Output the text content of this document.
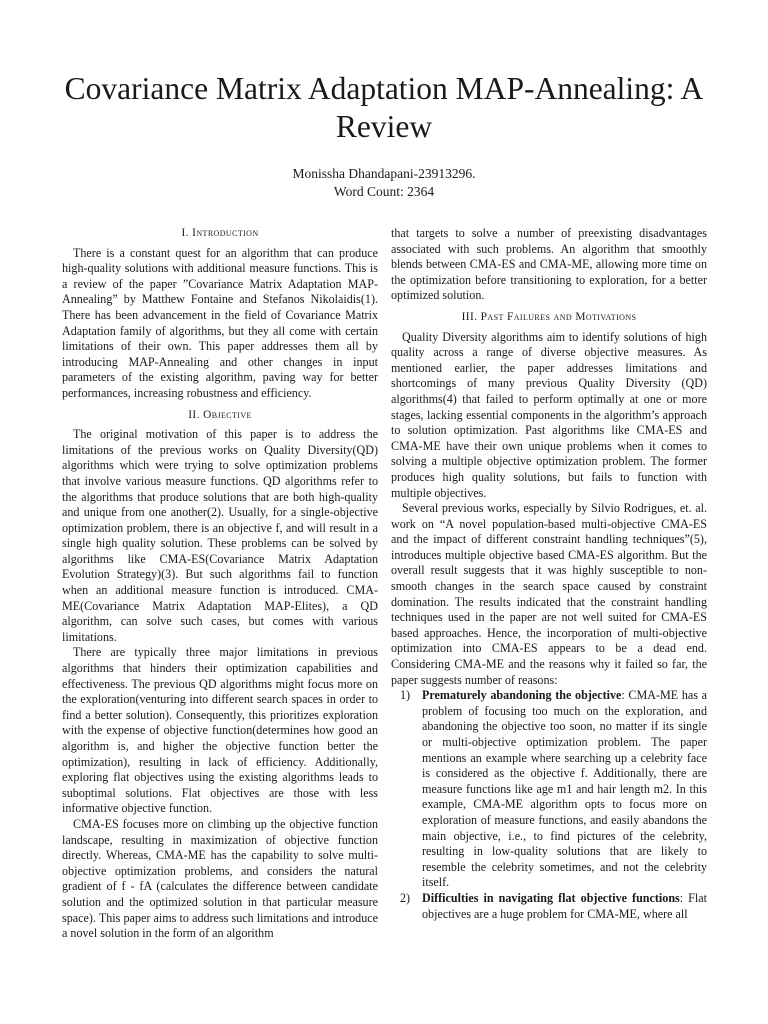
Covariance Matrix Adaptation MAP-Annealing: A Review
Monissha Dhandapani-23913296.
Word Count: 2364
I. Introduction

There is a constant quest for an algorithm that can produce high-quality solutions with additional measure functions. This is a review of the paper ”Covariance Matrix Adaptation MAP-Annealing” by Matthew Fontaine and Stefanos Nikolaidis(1). There has been advancement in the field of Covariance Matrix Adaptation family of algorithms, but they all come with certain limitations of their own. This paper addresses them all by introducing MAP-Annealing and other changes in input parameters of the existing algorithm, paving way for better performances, increasing robustness and efficiency.

II. Objective

The original motivation of this paper is to address the limitations of the previous works on Quality Diversity(QD) algorithms which were trying to solve optimization problems that involve various measure functions. QD algorithms refer to the algorithms that produce solutions that are both high-quality and unique from one another(2). Usually, for a single-objective optimization problem, there is an objective f, and will result in a single high quality solution. These problems can be solved by algorithms like CMA-ES(Covariance Matrix Adaptation Evolution Strategy)(3). But such algorithms fail to function when an additional measure function is introduced. CMA-ME(Covariance Matrix Adaptation MAP-Elites), a QD algorithm, can solve such cases, but comes with various limitations.

There are typically three major limitations in previous algorithms that hinders their optimization capabilities and effectiveness. The previous QD algorithms might focus more on the exploration(venturing into different search spaces in order to find a better solution). Consequently, this prioritizes exploration with the expense of objective function(determines how good an algorithm is, and higher the objective function better the optimization), resulting in lack of efficiency. Additionally, exploring flat objectives using the existing algorithms leads to suboptimal solutions. Flat objectives are those with less informative objective function.

CMA-ES focuses more on climbing up the objective function landscape, resulting in maximization of objective function directly. Whereas, CMA-ME has the capability to solve multi-objective optimization problems, and considers the natural gradient of f - fA (calculates the difference between candidate solution and the optimized solution in that particular measure space). This paper aims to address such limitations and introduce a novel solution in the form of an algorithm

that targets to solve a number of preexisting disadvantages associated with such problems. An algorithm that smoothly blends between CMA-ES and CMA-ME, allowing more time on the optimization before transitioning to exploration, for a better optimized solution.

III. Past Failures and Motivations

Quality Diversity algorithms aim to identify solutions of high quality across a range of diverse objective measures. As mentioned earlier, the paper addresses limitations and shortcomings of many previous Quality Diversity (QD) algorithms(4) that failed to perform optimally at one or more stages, lacking essential components in the algorithm’s approach to solution optimization. Past algorithms like CMA-ES and CMA-ME have their own unique problems when it comes to solving a multiple objective optimization problem. The former produces high quality solutions, but fails to function with multiple objectives.

Several previous works, especially by Silvio Rodrigues, et. al. work on “A novel population-based multi-objective CMA-ES and the impact of different constraint handling techniques”(5), introduces multiple objective based CMA-ES algorithm. But the overall result suggests that it was highly susceptible to non-smooth changes in the search space caused by constraint domination. The results indicated that the constraint handling techniques used in the paper are not well suited for CMA-ES based approaches. Hence, the incorporation of multi-objective optimization into CMA-ES appears to be a dead end. Considering CMA-ME and the reasons why it failed so far, the paper suggests number of reasons:

1) Prematurely abandoning the objective: CMA-ME has a problem of focusing too much on the exploration, and abandoning the objective too soon, no matter if its single or multi-objective optimization problem. The paper mentions an example where searching up a celebrity face is considered as the objective f. Additionally, there are measure functions like age m1 and hair length m2. In this example, CMA-ME algorithm opts to focus more on exploration of measure functions, and easily abandons the main objective, i.e., to find pictures of the celebrity, resulting in low-quality solutions that are likely to resemble the celebrity sometimes, and not the celebrity itself.
2) Difficulties in navigating flat objective functions: Flat objectives are a huge problem for CMA-ME, where all
